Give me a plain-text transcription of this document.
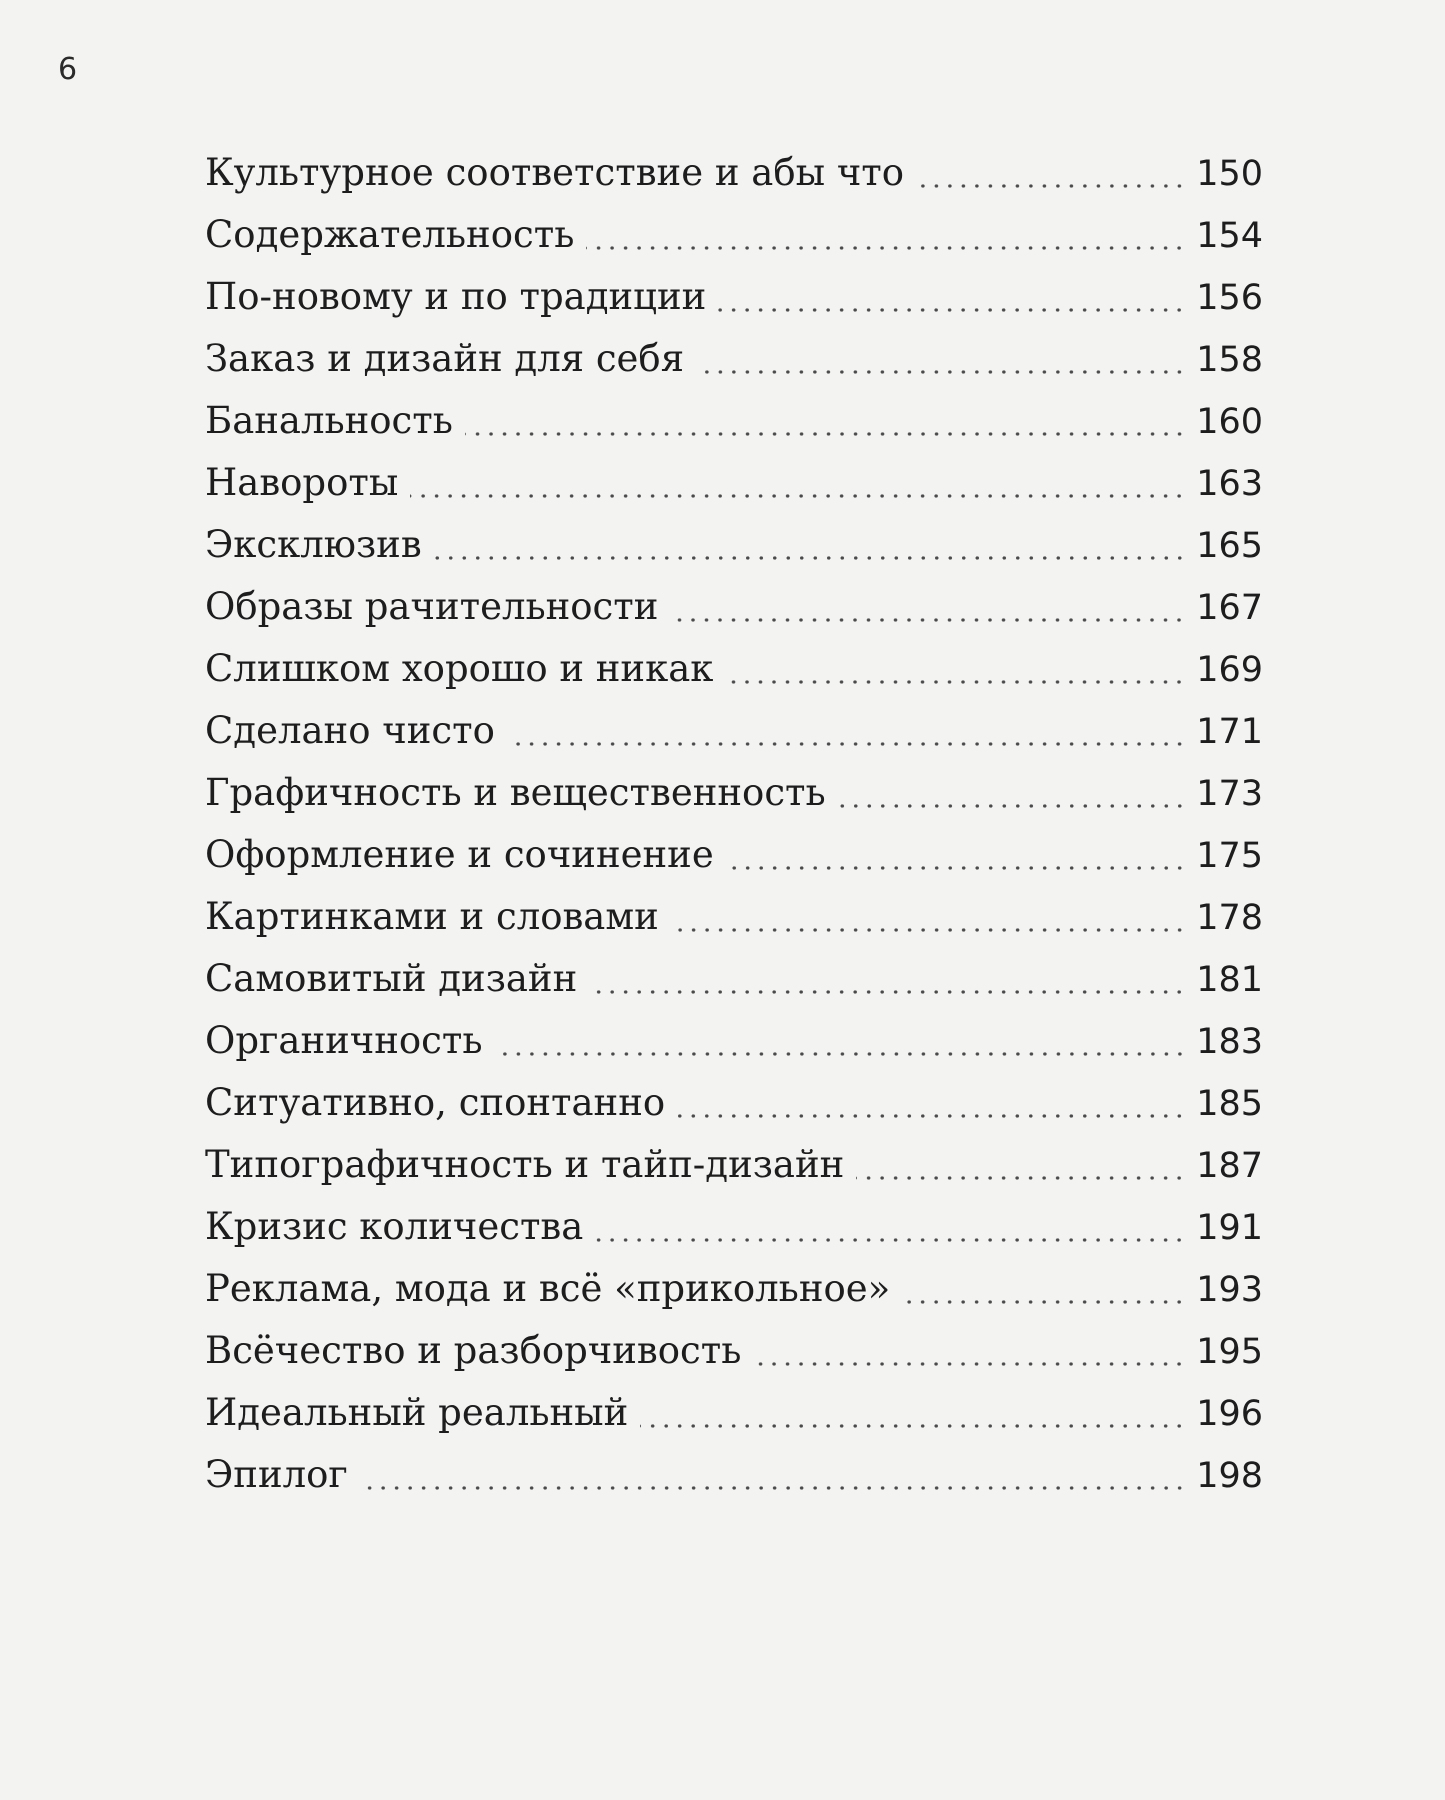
6
Культурное соответствие и абы что	150
Содержательность	154
По-новому и по традиции	156
Заказ и дизайн для себя	158
Банальность	160
Навороты	163
Эксклюзив	165
Образы рачительности	167
Слишком хорошо и никак	169
Сделано чисто	171
Графичность и вещественность	173
Оформление и сочинение	175
Картинками и словами	178
Самовитый дизайн	181
Органичность	183
Ситуативно, спонтанно	185
Типографичность и тайп-дизайн	187
Кризис количества	191
Реклама, мода и всё «прикольное»	193
Всёчество и разборчивость	195
Идеальный реальный	196
Эпилог	198
